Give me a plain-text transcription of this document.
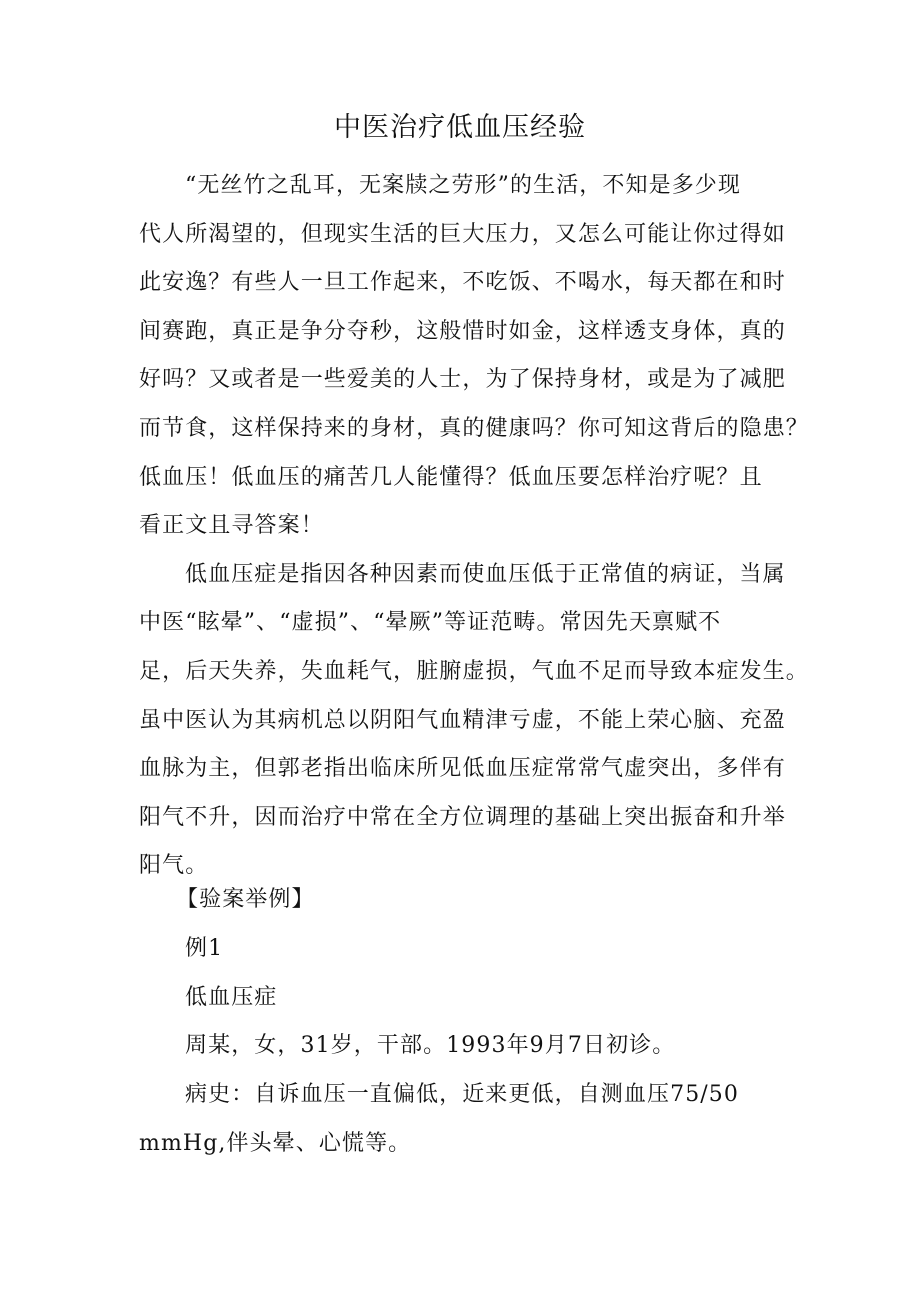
中医治疗低血压经验
“无丝竹之乱耳，无案牍之劳形”的生活，不知是多少现
代人所渴望的，但现实生活的巨大压力，又怎么可能让你过得如
此安逸？有些人一旦工作起来，不吃饭、不喝水，每天都在和时
间赛跑，真正是争分夺秒，这般惜时如金，这样透支身体，真的
好吗？又或者是一些爱美的人士，为了保持身材，或是为了减肥
而节食，这样保持来的身材，真的健康吗？你可知这背后的隐患？
低血压！低血压的痛苦几人能懂得？低血压要怎样治疗呢？且
看正文且寻答案！
低血压症是指因各种因素而使血压低于正常值的病证，当属
中医“眩晕”、“虚损”、“晕厥”等证范畴。常因先天禀赋不
足，后天失养，失血耗气，脏腑虚损，气血不足而导致本症发生。
虽中医认为其病机总以阴阳气血精津亏虚，不能上荣心脑、充盈
血脉为主，但郭老指出临床所见低血压症常常气虚突出，多伴有
阳气不升，因而治疗中常在全方位调理的基础上突出振奋和升举
阳气。

【验案举例】

例1

低血压症

周某，女，31岁，干部。1993年9月7日初诊。

病史：自诉血压一直偏低，近来更低，自测血压75/50

mmHg,伴头晕、心慌等。
